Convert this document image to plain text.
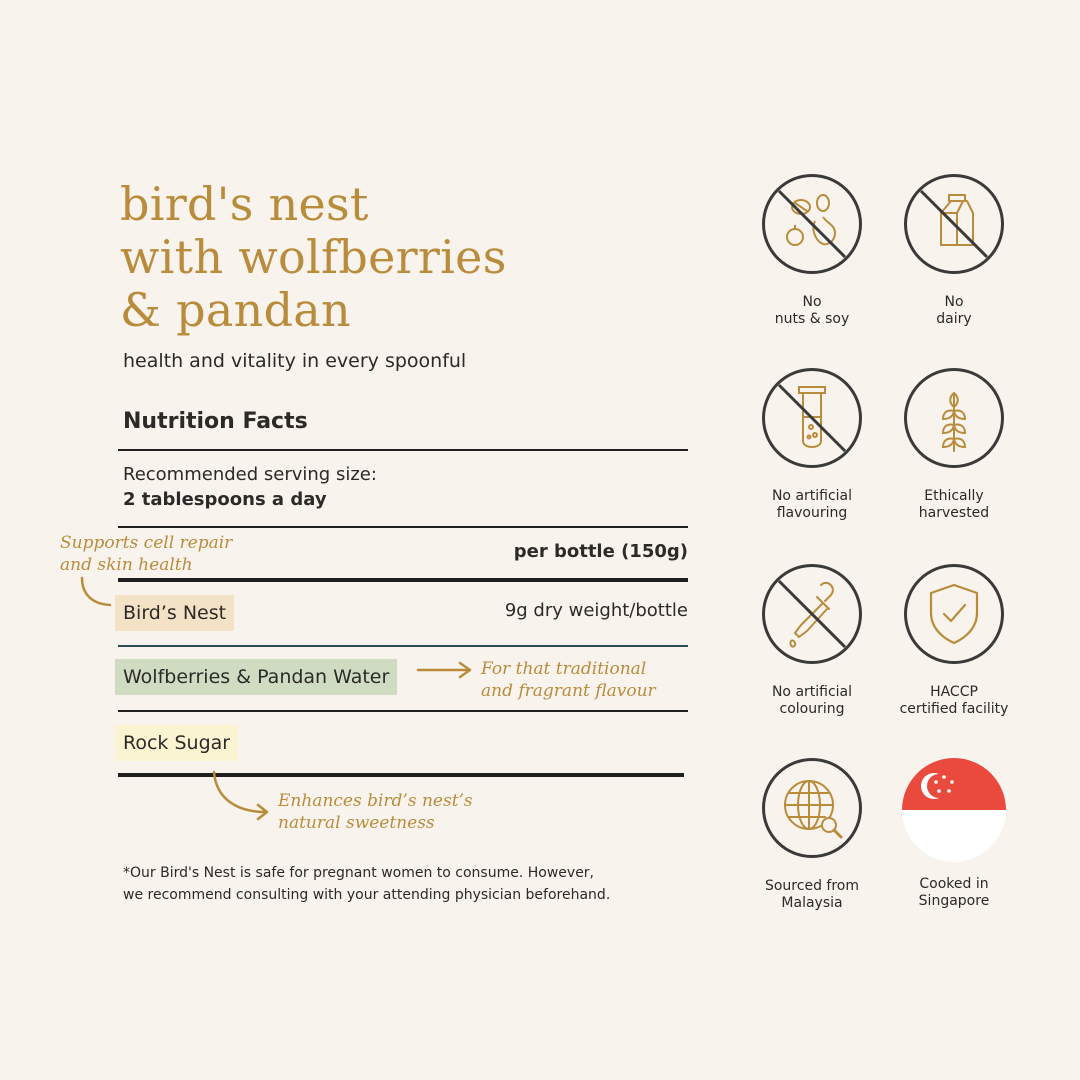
bird's nest
with wolfberries
& pandan
health and vitality in every spoonful
Nutrition Facts
Recommended serving size:
2 tablespoons a day
per bottle (150g)
Bird’s Nest	9g dry weight/bottle
Wolfberries & Pandan Water
Rock Sugar
Supports cell repair
and skin health
For that traditional
and fragrant flavour
Enhances bird’s nest’s
natural sweetness
*Our Bird's Nest is safe for pregnant women to consume. However,
we recommend consulting with your attending physician beforehand.
No
nuts & soy
No
dairy
No artificial
flavouring
Ethically
harvested
No artificial
colouring
HACCP
certified facility
Sourced from
Malaysia
Cooked in
Singapore
